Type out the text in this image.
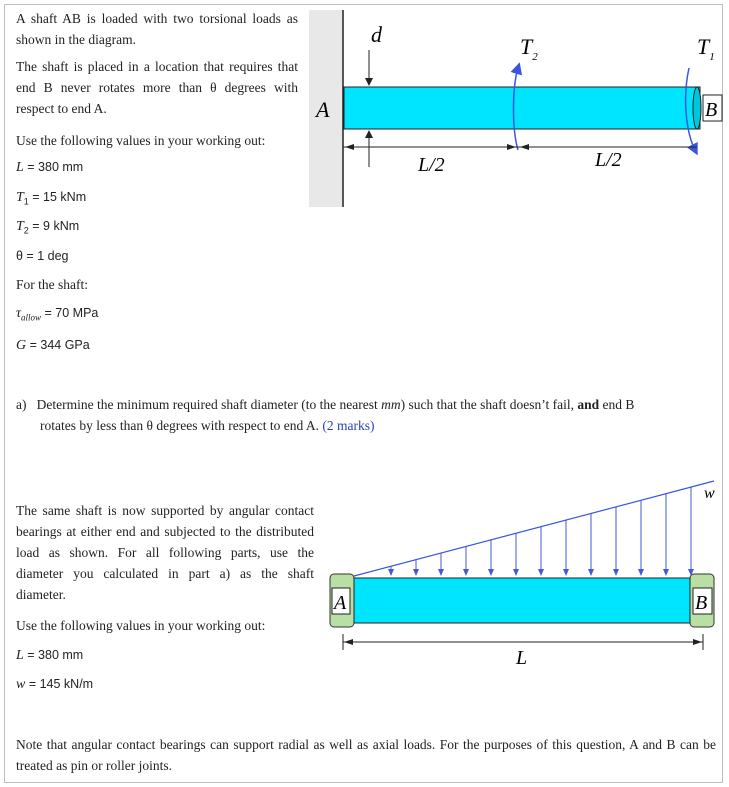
A shaft AB is loaded with two torsional loads as shown in the diagram.
The shaft is placed in a location that requires that end B never rotates more than θ degrees with respect to end A.
Use the following values in your working out:
L = 380 mm
$T_1 = 15$ kNm
$T_2 = 9$ kNm
θ = 1 deg
For the shaft:
$\tau_{allow} = 70$ MPa
G = 344 GPa
a) Determine the minimum required shaft diameter (to the nearest mm) such that the shaft doesn’t fail, and end B
rotates by less than θ degrees with respect to end A. (2 marks)
The same shaft is now supported by angular contact bearings at either end and subjected to the distributed load as shown. For all following parts, use the diameter you calculated in part a) as the shaft diameter.
Use the following values in your working out:
L = 380 mm
w = 145 kN/m
Note that angular contact bearings can support radial as well as axial loads. For the purposes of this question, A and B can be treated as pin or roller joints.
d	$T_2$	$T_1$
A	B
L/2	L/2
w
A	B
L
